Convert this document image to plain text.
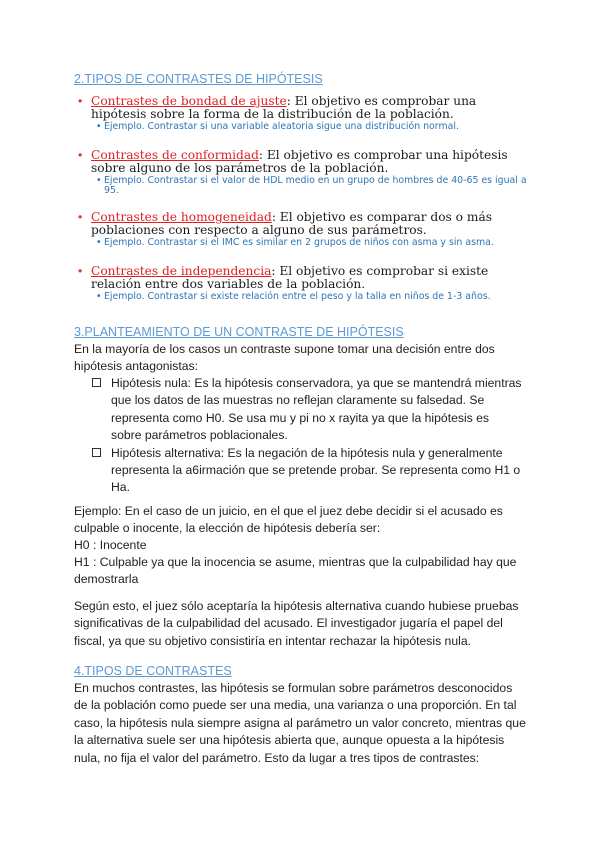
2.TIPOS DE CONTRASTES DE HIPÓTESIS
• Contrastes de bondad de ajuste: El objetivo es comprobar una hipótesis sobre la forma de la distribución de la población.
• Ejemplo. Contrastar si una variable aleatoria sigue una distribución normal.
• Contrastes de conformidad: El objetivo es comprobar una hipótesis sobre alguno de los parámetros de la población.
• Ejemplo. Contrastar si el valor de HDL medio en un grupo de hombres de 40-65 es igual a 95.
• Contrastes de homogeneidad: El objetivo es comparar dos o más poblaciones con respecto a alguno de sus parámetros.
• Ejemplo. Contrastar si el IMC es similar en 2 grupos de niños con asma y sin asma.
• Contrastes de independencia: El objetivo es comprobar si existe relación entre dos variables de la población.
• Ejemplo. Contrastar si existe relación entre el peso y la talla en niños de 1-3 años.
3.PLANTEAMIENTO DE UN CONTRASTE DE HIPÓTESIS
En la mayoría de los casos un contraste supone tomar una decisión entre dos hipótesis antagonistas:
Hipótesis nula: Es la hipótesis conservadora, ya que se mantendrá mientras que los datos de las muestras no reflejan claramente su falsedad. Se representa como H0. Se usa mu y pi no x rayita ya que la hipótesis es sobre parámetros poblacionales.
Hipótesis alternativa: Es la negación de la hipótesis nula y generalmente representa la a6irmación que se pretende probar. Se representa como H1 o Ha.
Ejemplo: En el caso de un juicio, en el que el juez debe decidir si el acusado es culpable o inocente, la elección de hipótesis debería ser:
H0 : Inocente
H1 : Culpable ya que la inocencia se asume, mientras que la culpabilidad hay que demostrarla
Según esto, el juez sólo aceptaría la hipótesis alternativa cuando hubiese pruebas significativas de la culpabilidad del acusado. El investigador jugaría el papel del fiscal, ya que su objetivo consistiría en intentar rechazar la hipótesis nula.
4.TIPOS DE CONTRASTES
En muchos contrastes, las hipótesis se formulan sobre parámetros desconocidos de la población como puede ser una media, una varianza o una proporción. En tal caso, la hipótesis nula siempre asigna al parámetro un valor concreto, mientras que la alternativa suele ser una hipótesis abierta que, aunque opuesta a la hipótesis nula, no fija el valor del parámetro. Esto da lugar a tres tipos de contrastes:
